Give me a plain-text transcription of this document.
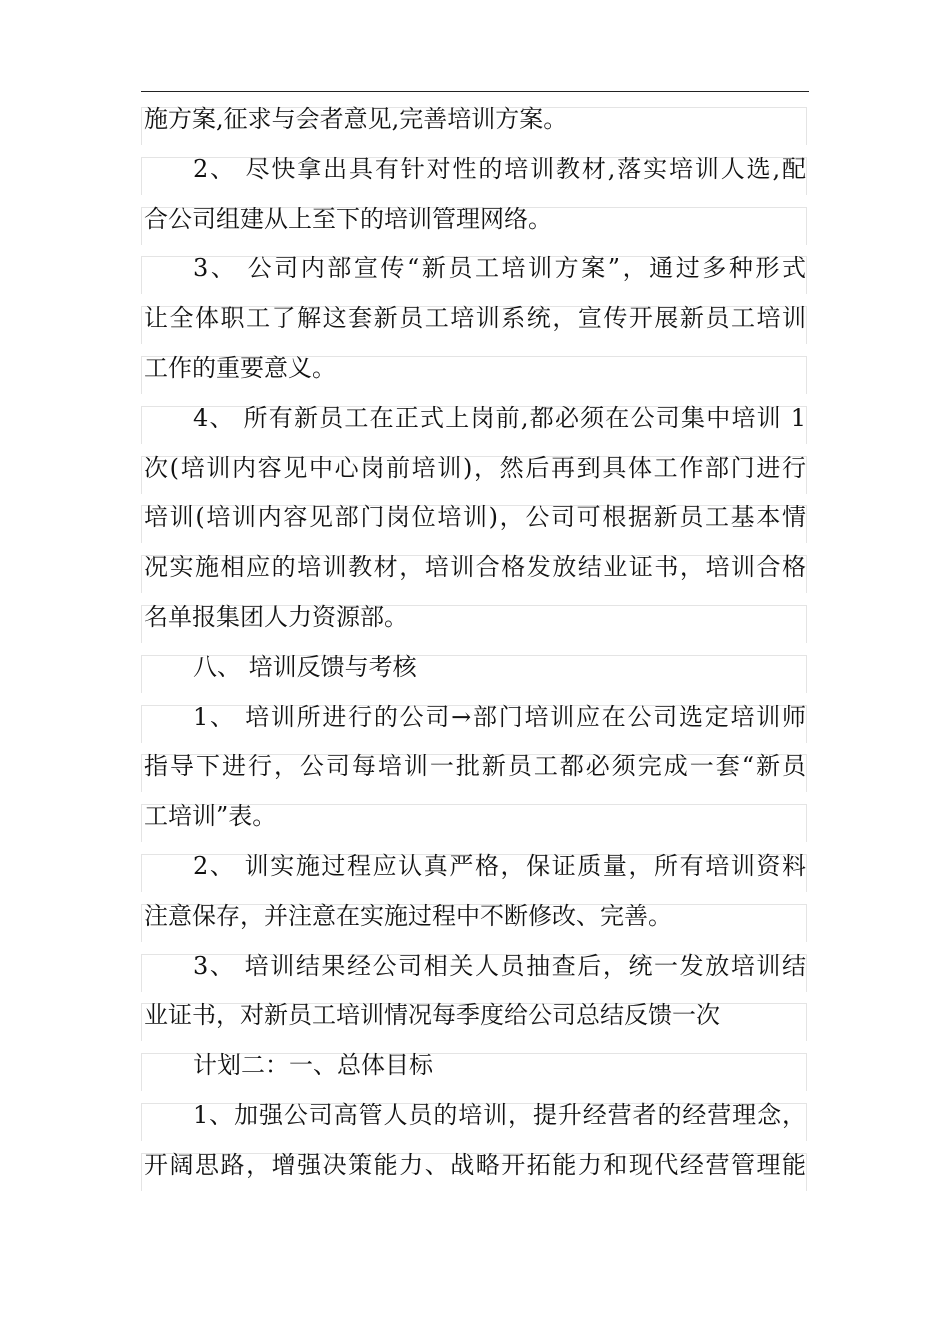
施方案,征求与会者意见,完善培训方案。
2、 尽快拿出具有针对性的培训教材,落实培训人选,配
合公司组建从上至下的培训管理网络。
3、 公司内部宣传“新员工培训方案”，通过多种形式
让全体职工了解这套新员工培训系统，宣传开展新员工培训
工作的重要意义。
4、 所有新员工在正式上岗前,都必须在公司集中培训 1
次(培训内容见中心岗前培训)，然后再到具体工作部门进行
培训(培训内容见部门岗位培训)，公司可根据新员工基本情
况实施相应的培训教材，培训合格发放结业证书，培训合格
名单报集团人力资源部。
八、 培训反馈与考核
1、 培训所进行的公司→部门培训应在公司选定培训师
指导下进行，公司每培训一批新员工都必须完成一套“新员
工培训”表。
2、 训实施过程应认真严格，保证质量，所有培训资料
注意保存，并注意在实施过程中不断修改、完善。
3、 培训结果经公司相关人员抽查后，统一发放培训结
业证书，对新员工培训情况每季度给公司总结反馈一次
计划二：一、总体目标
1、加强公司高管人员的培训，提升经营者的经营理念，
开阔思路，增强决策能力、战略开拓能力和现代经营管理能
